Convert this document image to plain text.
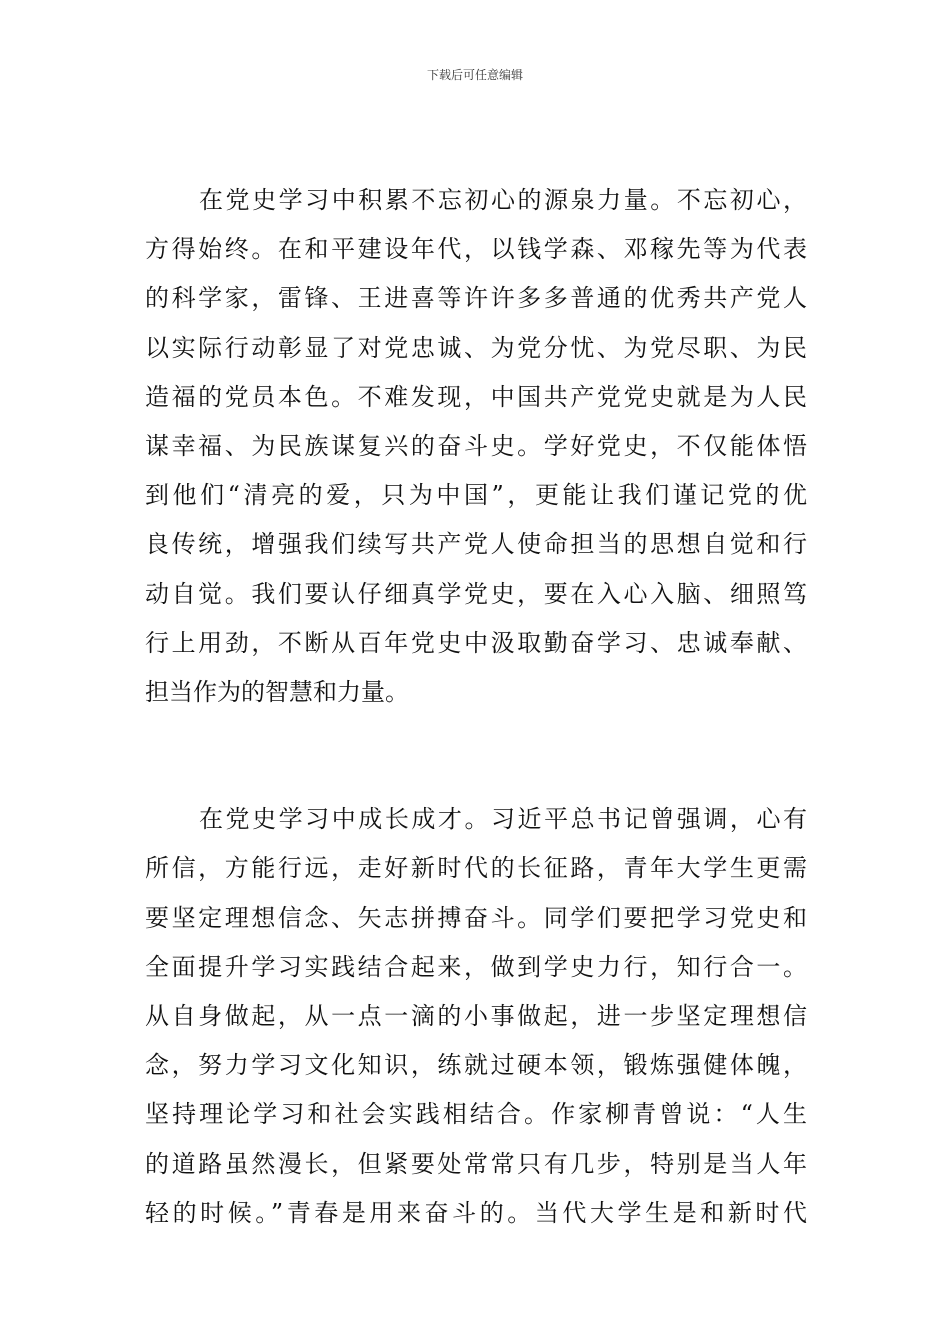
下载后可任意编辑

在党史学习中积累不忘初心的源泉力量。不忘初心，
方得始终。在和平建设年代，以钱学森、邓稼先等为代表
的科学家，雷锋、王进喜等许许多多普通的优秀共产党人
以实际行动彰显了对党忠诚、为党分忧、为党尽职、为民
造福的党员本色。不难发现，中国共产党党史就是为人民
谋幸福、为民族谋复兴的奋斗史。学好党史，不仅能体悟
到他们“清亮的爱，只为中国”，更能让我们谨记党的优
良传统，增强我们续写共产党人使命担当的思想自觉和行
动自觉。我们要认仔细真学党史，要在入心入脑、细照笃
行上用劲，不断从百年党史中汲取勤奋学习、忠诚奉献、
担当作为的智慧和力量。

在党史学习中成长成才。习近平总书记曾强调，心有
所信，方能行远，走好新时代的长征路，青年大学生更需
要坚定理想信念、矢志拼搏奋斗。同学们要把学习党史和
全面提升学习实践结合起来，做到学史力行，知行合一。
从自身做起，从一点一滴的小事做起，进一步坚定理想信
念，努力学习文化知识，练就过硬本领，锻炼强健体魄，
坚持理论学习和社会实践相结合。作家柳青曾说：“人生
的道路虽然漫长，但紧要处常常只有几步，特别是当人年
轻的时候。”青春是用来奋斗的。当代大学生是和新时代
